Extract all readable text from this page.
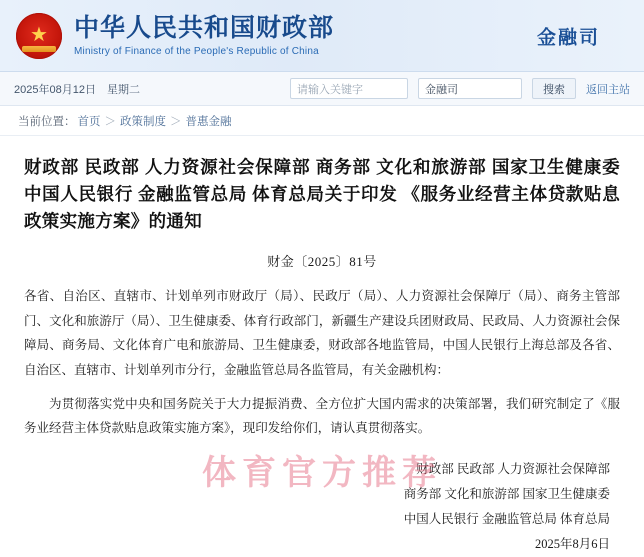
★
中华人民共和国财政部
Ministry of Finance of the People's Republic of China
金融司
2025年08月12日　星期二	请输入关键字	金融司	搜索	返回主站
当前位置： 首页 ＞ 政策制度 ＞ 普惠金融
财政部 民政部 人力资源社会保障部 商务部 文化和旅游部 国家卫生健康委 中国人民银行 金融监管总局 体育总局关于印发 《服务业经营主体贷款贴息政策实施方案》的通知
财金〔2025〕81号

各省、自治区、直辖市、计划单列市财政厅（局）、民政厅（局）、人力资源社会保障厅（局）、商务主管部门、文化和旅游厅（局）、卫生健康委、体育行政部门，新疆生产建设兵团财政局、民政局、人力资源社会保障局、商务局、文化体育广电和旅游局、卫生健康委，财政部各地监管局，中国人民银行上海总部及各省、自治区、直辖市、计划单列市分行，金融监管总局各监管局，有关金融机构：

为贯彻落实党中央和国务院关于大力提振消费、全方位扩大国内需求的决策部署，我们研究制定了《服务业经营主体贷款贴息政策实施方案》，现印发给你们，请认真贯彻落实。

财政部 民政部 人力资源社会保障部
商务部 文化和旅游部 国家卫生健康委
中国人民银行 金融监管总局 体育总局
2025年8月6日
体育官方推荐
